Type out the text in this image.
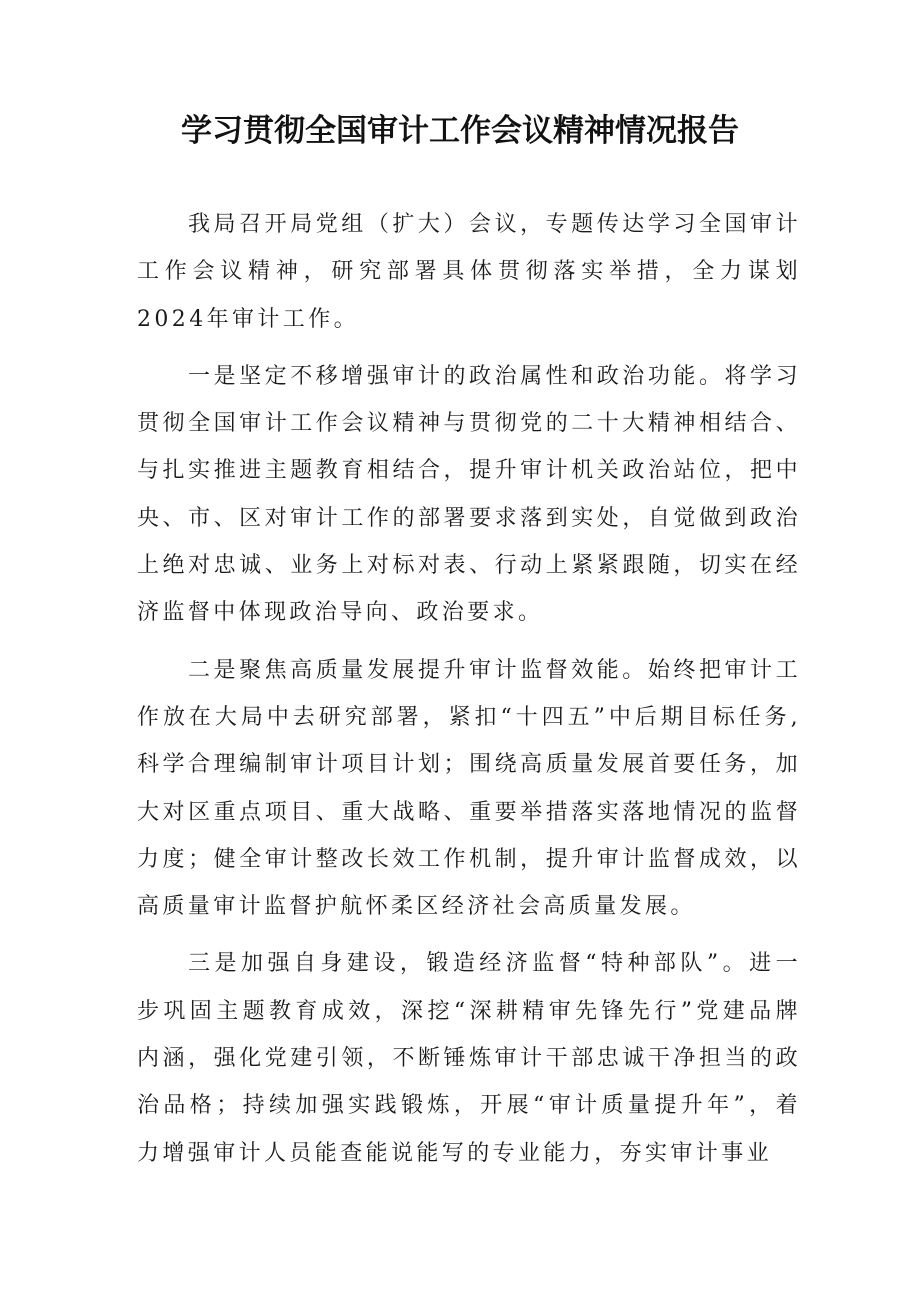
学习贯彻全国审计工作会议精神情况报告

我局召开局党组（扩大）会议，专题传达学习全国审计工作会议精神，研究部署具体贯彻落实举措，全力谋划2024年审计工作。

一是坚定不移增强审计的政治属性和政治功能。将学习贯彻全国审计工作会议精神与贯彻党的二十大精神相结合、与扎实推进主题教育相结合，提升审计机关政治站位，把中央、市、区对审计工作的部署要求落到实处，自觉做到政治上绝对忠诚、业务上对标对表、行动上紧紧跟随，切实在经济监督中体现政治导向、政治要求。

二是聚焦高质量发展提升审计监督效能。始终把审计工作放在大局中去研究部署，紧扣“十四五”中后期目标任务,科学合理编制审计项目计划；围绕高质量发展首要任务，加大对区重点项目、重大战略、重要举措落实落地情况的监督力度；健全审计整改长效工作机制，提升审计监督成效，以高质量审计监督护航怀柔区经济社会高质量发展。

三是加强自身建设，锻造经济监督“特种部队”。进一步巩固主题教育成效，深挖“深耕精审先锋先行”党建品牌内涵，强化党建引领，不断锤炼审计干部忠诚干净担当的政治品格；持续加强实践锻炼，开展“审计质量提升年”，着力增强审计人员能查能说能写的专业能力，夯实审计事业
